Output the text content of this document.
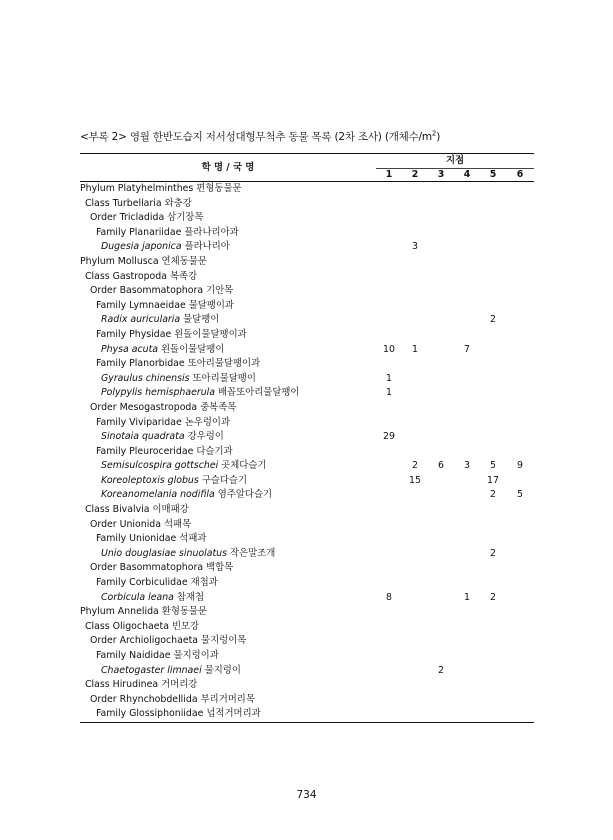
<부록 2> 영월 한반도습지 저서성대형무척추 동물 목록 (2차 조사) (개체수$/m^2$)
학 명 / 국 명	지점					
	1	2	3	4	5	6
Phylum Platyhelminthes 편형동물문						
Class Turbellaria 와충강						
Order Tricladida 삼기장목						
Family Planariidae 플라나리아과						
Dugesia japonica 플라나리아		3				
Phylum Mollusca 연체동물문						
Class Gastropoda 복족강						
Order Basommatophora 기안목						
Family Lymnaeidae 물달팽이과						
Radix auricularia 물달팽이					2	
Family Physidae 왼돌이물달팽이과						
Physa acuta 왼돌이물달팽이	10	1		7		
Family Planorbidae 또아리물달팽이과						
Gyraulus chinensis 또아리물달팽이	1					
Polypylis hemisphaerula 배꼽또아리물달팽이	1					
Order Mesogastropoda 중복족목						
Family Viviparidae 논우렁이과						
Sinotaia quadrata 강우렁이	29					
Family Pleuroceridae 다슬기과						
Semisulcospira gottschei 곳체다슬기		2	6	3	5	9
Koreoleptoxis globus 구슬다슬기		15			17	
Koreanomelania nodifila 염주알다슬기					2	5
Class Bivalvia 이매패강						
Order Unionida 석패목						
Family Unionidae 석패과						
Unio douglasiae sinuolatus 작은말조개					2	
Order Basommatophora 백합목						
Family Corbiculidae 재첩과						
Corbicula leana 참재첩	8			1	2	
Phylum Annelida 환형동물문						
Class Oligochaeta 빈모강						
Order Archioligochaeta 물지렁이목						
Family Naididae 물지렁이과						
Chaetogaster limnaei 물지렁이			2			
Class Hirudinea 거머리강						
Order Rhynchobdellida 부리거머리목						
Family Glossiphoniidae 넙적거머리과						
734
